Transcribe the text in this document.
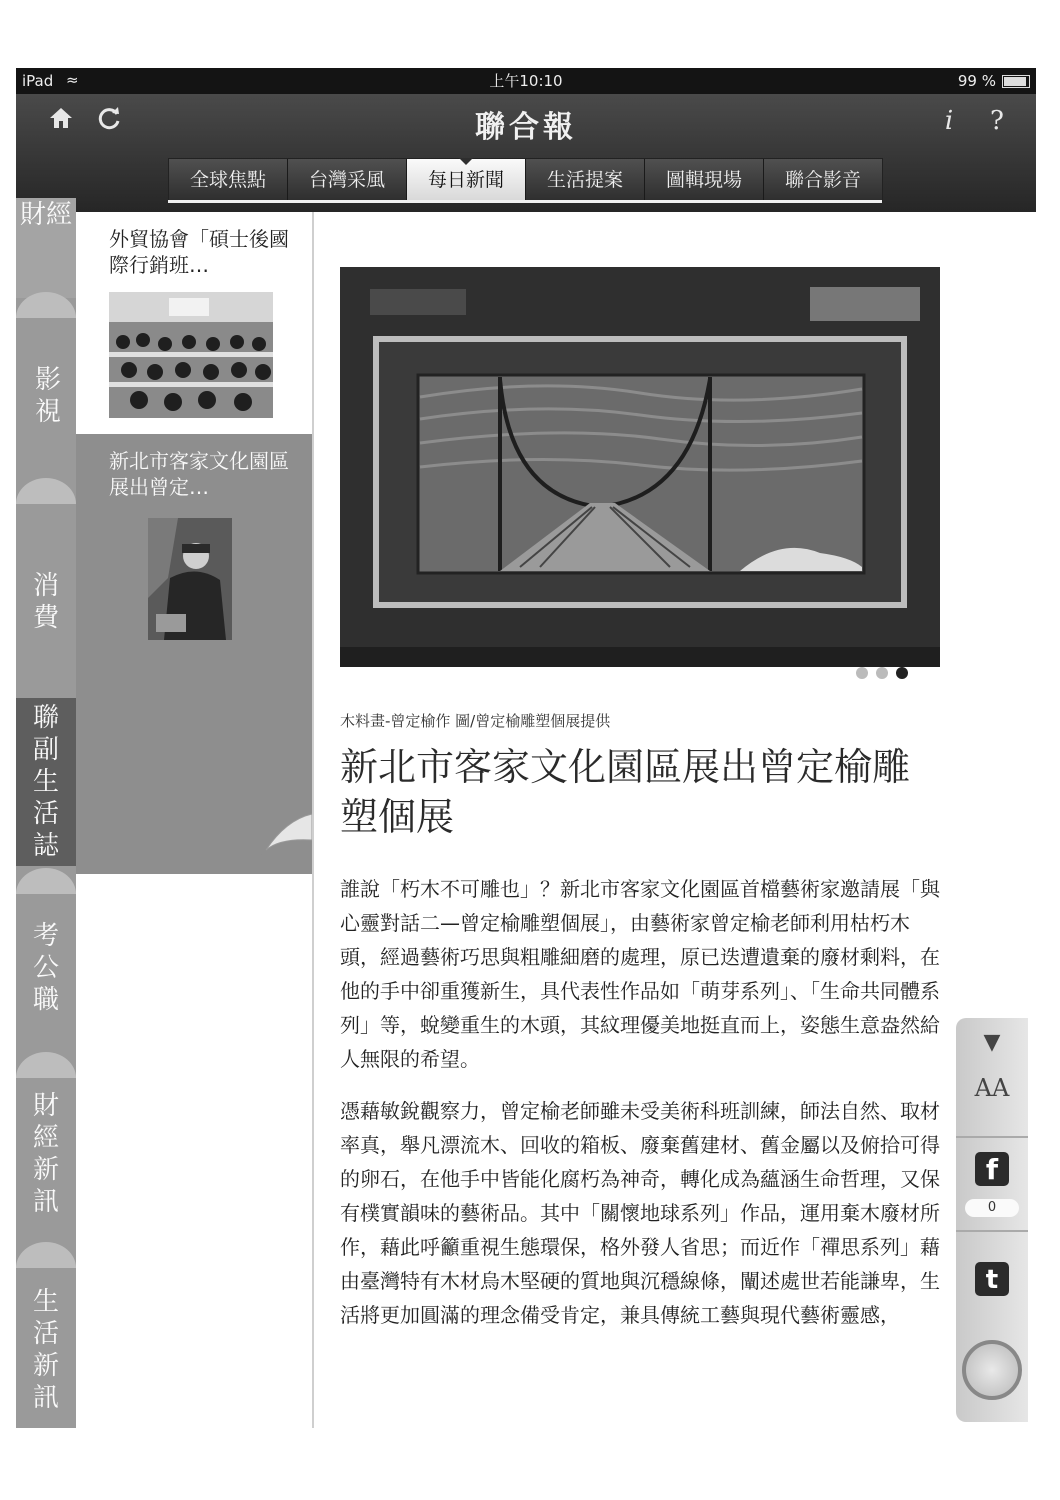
iPad ≈	上午10:10	99 %
聯合報	i	?
全球焦點	台灣采風	每日新聞	生活提案	圖輯現場	聯合影音
財經
影視
消費
聯副生活誌
考公職
財經新訊
生活新訊
外貿協會「碩士後國際行銷班…
新北市客家文化園區展出曾定…
木料畫-曾定榆作 圖/曾定榆雕塑個展提供
新北市客家文化園區展出曾定榆雕塑個展

誰說「朽木不可雕也」？新北市客家文化園區首檔藝術家邀請展「與心靈對話二—曾定榆雕塑個展」，由藝術家曾定榆老師利用枯朽木頭，經過藝術巧思與粗雕細磨的處理，原已迭遭遺棄的廢材剩料，在他的手中卻重獲新生，具代表性作品如「萌芽系列」、「生命共同體系列」等，蛻變重生的木頭，其紋理優美地挺直而上，姿態生意盎然給人無限的希望。

憑藉敏銳觀察力，曾定榆老師雖未受美術科班訓練，師法自然、取材率真，舉凡漂流木、回收的箱板、廢棄舊建材、舊金屬以及俯拾可得的卵石，在他手中皆能化腐朽為神奇，轉化成為蘊涵生命哲理，又保有樸實韻味的藝術品。其中「關懷地球系列」作品，運用棄木廢材所作，藉此呼籲重視生態環保，格外發人省思；而近作「禪思系列」藉由臺灣特有木材烏木堅硬的質地與沉穩線條，闡述處世若能謙卑，生活將更加圓滿的理念備受肯定，兼具傳統工藝與現代藝術靈感，

▼
AA
f
0
t
